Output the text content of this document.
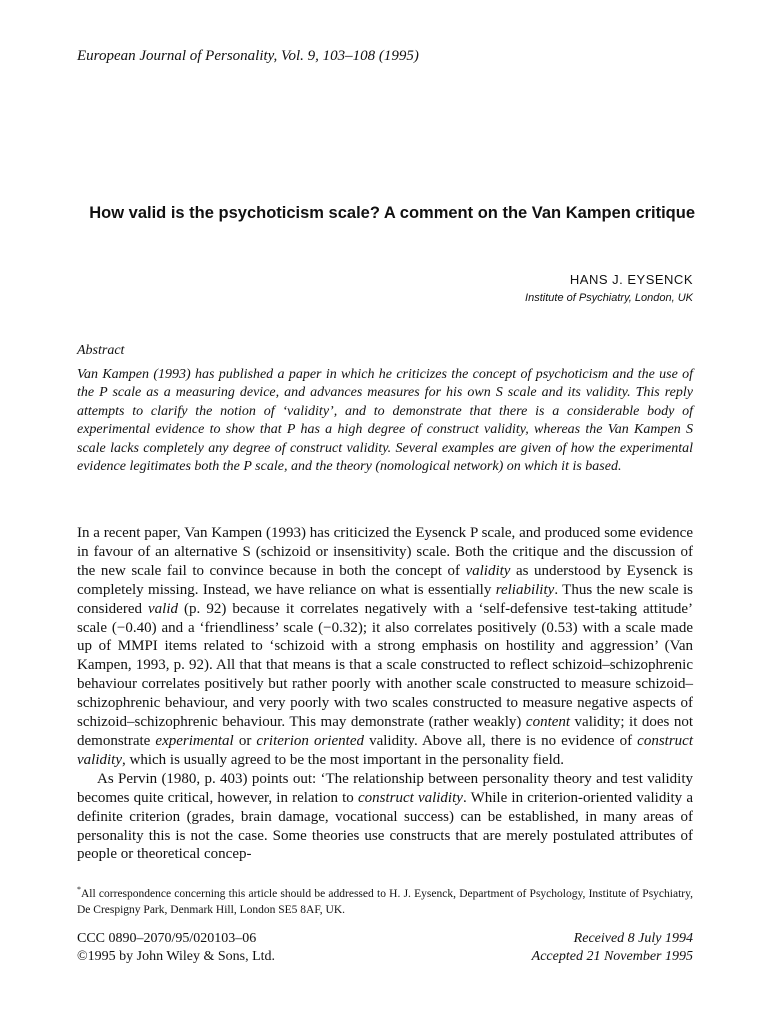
European Journal of Personality, Vol. 9, 103–108 (1995)
How valid is the psychoticism scale? A comment on the Van Kampen critique
HANS J. EYSENCK
Institute of Psychiatry, London, UK
Abstract
Van Kampen (1993) has published a paper in which he criticizes the concept of psychoticism and the use of the P scale as a measuring device, and advances measures for his own S scale and its validity. This reply attempts to clarify the notion of ‘validity’, and to demonstrate that there is a considerable body of experimental evidence to show that P has a high degree of construct validity, whereas the Van Kampen S scale lacks completely any degree of construct validity. Several examples are given of how the experimental evidence legitimates both the P scale, and the theory (nomological network) on which it is based.

In a recent paper, Van Kampen (1993) has criticized the Eysenck P scale, and produced some evidence in favour of an alternative S (schizoid or insensitivity) scale. Both the critique and the discussion of the new scale fail to convince because in both the concept of validity as understood by Eysenck is completely missing. Instead, we have reliance on what is essentially reliability. Thus the new scale is considered valid (p. 92) because it correlates negatively with a ‘self-defensive test-taking attitude’ scale (−0.40) and a ‘friendliness’ scale (−0.32); it also correlates positively (0.53) with a scale made up of MMPI items related to ‘schizoid with a strong emphasis on hostility and aggression’ (Van Kampen, 1993, p. 92). All that that means is that a scale constructed to reflect schizoid–schizophrenic behaviour correlates positively but rather poorly with another scale constructed to measure schizoid–schizophrenic behaviour, and very poorly with two scales constructed to measure negative aspects of schizoid–schizophrenic behaviour. This may demonstrate (rather weakly) content validity; it does not demonstrate experimental or criterion oriented validity. Above all, there is no evidence of construct validity, which is usually agreed to be the most important in the personality field.

As Pervin (1980, p. 403) points out: ‘The relationship between personality theory and test validity becomes quite critical, however, in relation to construct validity. While in criterion-oriented validity a definite criterion (grades, brain damage, vocational success) can be established, in many areas of personality this is not the case. Some theories use constructs that are merely postulated attributes of people or theoretical concep-

*All correspondence concerning this article should be addressed to H. J. Eysenck, Department of Psychology, Institute of Psychiatry, De Crespigny Park, Denmark Hill, London SE5 8AF, UK.
CCC 0890–2070/95/020103–06
©1995 by John Wiley & Sons, Ltd.
Received 8 July 1994
Accepted 21 November 1995
